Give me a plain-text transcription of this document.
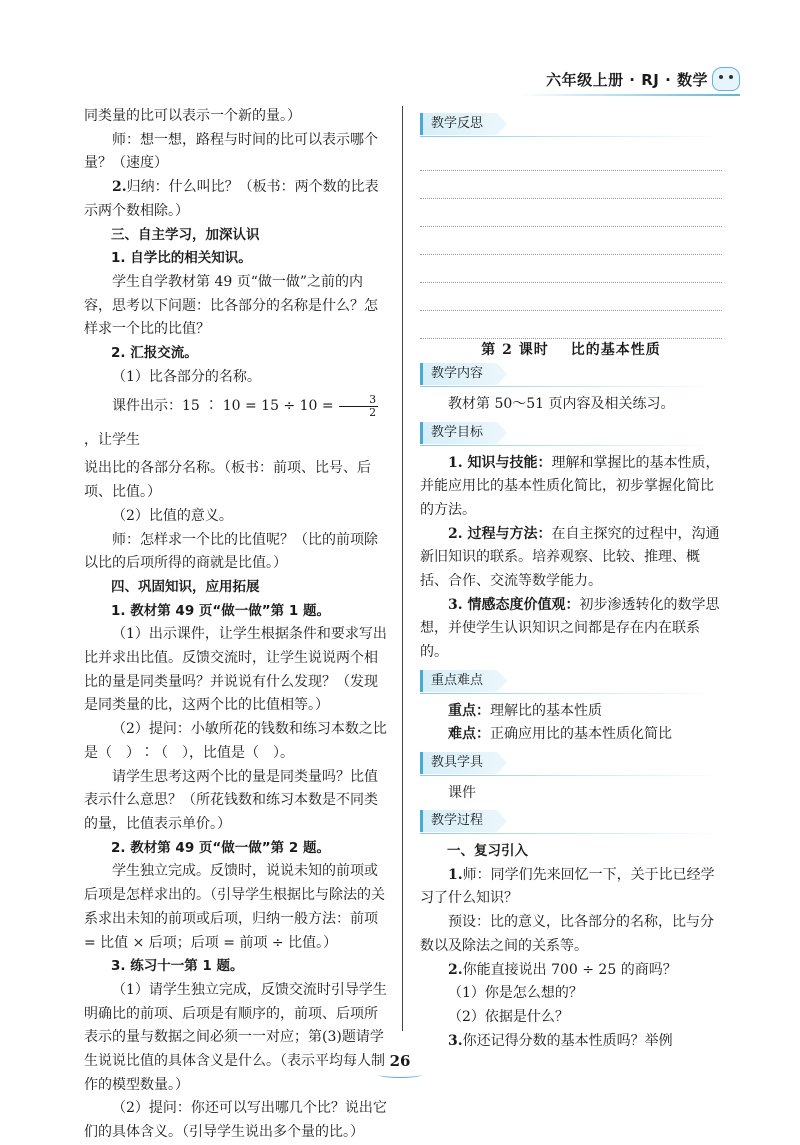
六年级上册 · RJ · 数学

同类量的比可以表示一个新的量。）

师：想一想，路程与时间的比可以表示哪个量？（速度）

2.归纳：什么叫比？（板书：两个数的比表示两个数相除。）

三、自主学习，加深认识

1. 自学比的相关知识。

学生自学教材第 49 页“做一做”之前的内容，思考以下问题：比各部分的名称是什么？怎样求一个比的比值？

2. 汇报交流。

（1）比各部分的名称。

课件出示：15 ∶ $10 = 15 \div 10 = \frac{3}{2}$
，让学生

说出比的各部分名称。（板书：前项、比号、后项、比值。）

（2）比值的意义。

师：怎样求一个比的比值呢？（比的前项除以比的后项所得的商就是比值。）

四、巩固知识，应用拓展

1. 教材第 49 页“做一做”第 1 题。

（1）出示课件，让学生根据条件和要求写出比并求出比值。反馈交流时，让学生说说两个相比的量是同类量吗？并说说有什么发现？（发现是同类量的比，这两个比的比值相等。）

（2）提问：小敏所花的钱数和练习本数之比是（　）∶（　），比值是（　）。

请学生思考这两个比的量是同类量吗？比值表示什么意思？（所花钱数和练习本数是不同类的量，比值表示单价。）

2. 教材第 49 页“做一做”第 2 题。

学生独立完成。反馈时，说说未知的前项或后项是怎样求出的。（引导学生根据比与除法的关系求出未知的前项或后项，归纳一般方法：前项 = 比值 × 后项；后项 = 前项 ÷ 比值。）

3. 练习十一第 1 题。

（1）请学生独立完成，反馈交流时引导学生明确比的前项、后项是有顺序的，前项、后项所表示的量与数据之间必须一一对应；第(3)题请学生说说比值的具体含义是什么。（表示平均每人制作的模型数量。）

（2）提问：你还可以写出哪几个比？说出它们的具体含义。（引导学生说出多个量的比。）

教学反思

第 2 课时 比的基本性质

教学内容

教材第 50～51 页内容及相关练习。

教学目标

1. 知识与技能：理解和掌握比的基本性质，并能应用比的基本性质化简比，初步掌握化简比的方法。

2. 过程与方法：在自主探究的过程中，沟通新旧知识的联系。培养观察、比较、推理、概括、合作、交流等数学能力。

3. 情感态度价值观：初步渗透转化的数学思想，并使学生认识知识之间都是存在内在联系的。

重点难点

重点：理解比的基本性质

难点：正确应用比的基本性质化简比

教具学具

课件

教学过程

一、复习引入

1.师：同学们先来回忆一下，关于比已经学习了什么知识？

预设：比的意义，比各部分的名称，比与分数以及除法之间的关系等。

2.你能直接说出 700 ÷ 25 的商吗？

（1）你是怎么想的？

（2）依据是什么？

3.你还记得分数的基本性质吗？举例

26
